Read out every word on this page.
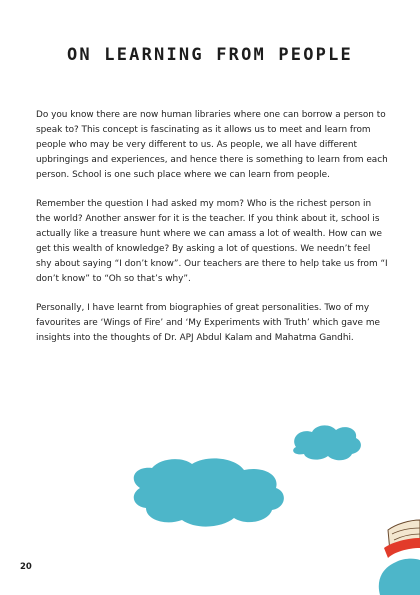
ON LEARNING FROM PEOPLE

Do you know there are now human libraries where one can borrow a person to speak to? This concept is fascinating as it allows us to meet and learn from people who may be very different to us. As people, we all have different upbringings and experiences, and hence there is something to learn from each person. School is one such place where we can learn from people.

Remember the question I had asked my mom? Who is the richest person in the world? Another answer for it is the teacher. If you think about it, school is actually like a treasure hunt where we can amass a lot of wealth. How can we get this wealth of knowledge? By asking a lot of questions. We needn’t feel shy about saying “I don’t know”. Our teachers are there to help take us from “I don’t know” to “Oh so that’s why”.

Personally, I have learnt from biographies of great personalities. Two of my favourites are ‘Wings of Fire’ and ‘My Experiments with Truth’ which gave me insights into the thoughts of Dr. APJ Abdul Kalam and Mahatma Gandhi.

20
